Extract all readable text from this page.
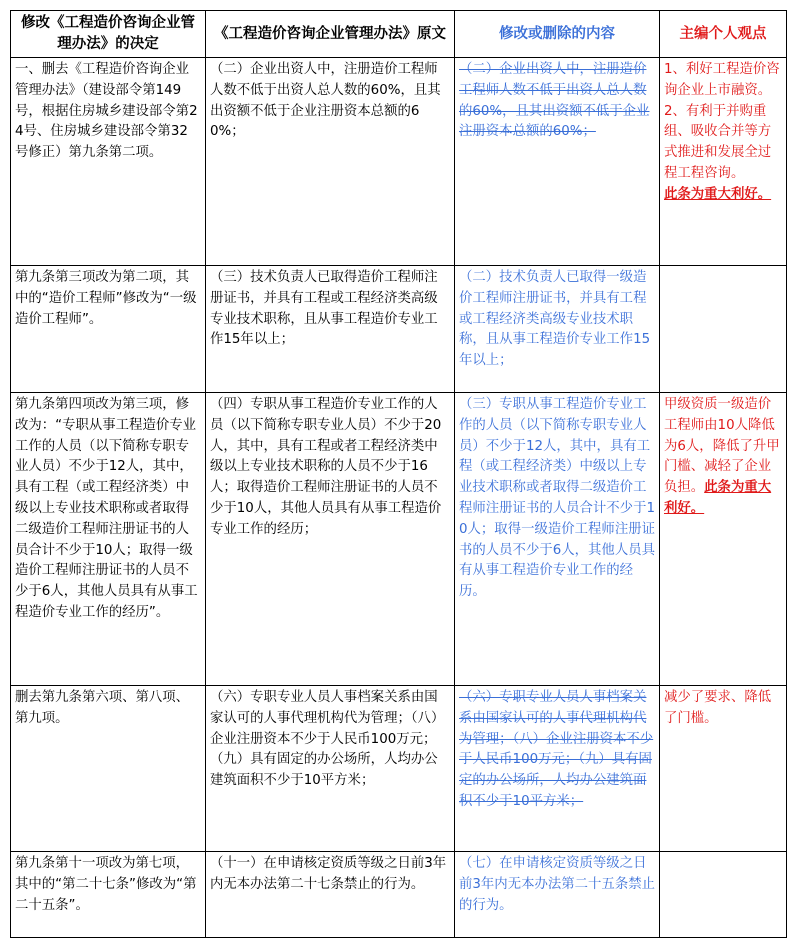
修改《工程造价咨询企业管理办法》的决定	《工程造价咨询企业管理办法》原文	修改或删除的内容	主编个人观点
一、删去《工程造价咨询企业管理办法》（建设部令第149号，根据住房城乡建设部令第24号、住房城乡建设部令第32号修正）第九条第二项。	（二）企业出资人中，注册造价工程师人数不低于出资人总人数的60%，且其出资额不低于企业注册资本总额的60%；	（二）企业出资人中，注册造价工程师人数不低于出资人总人数的60%，且其出资额不低于企业注册资本总额的60%；	1、利好工程造价咨询企业上市融资。2、有利于并购重组、吸收合并等方式推进和发展全过程工程咨询。
此条为重大利好。
第九条第三项改为第二项，其中的“造价工程师”修改为“一级造价工程师”。	（三）技术负责人已取得造价工程师注册证书，并具有工程或工程经济类高级专业技术职称，且从事工程造价专业工作15年以上；	（二）技术负责人已取得一级造价工程师注册证书，并具有工程或工程经济类高级专业技术职称，且从事工程造价专业工作15年以上；	
第九条第四项改为第三项，修改为：“专职从事工程造价专业工作的人员（以下简称专职专业人员）不少于12人，其中，具有工程（或工程经济类）中级以上专业技术职称或者取得二级造价工程师注册证书的人员合计不少于10人；取得一级造价工程师注册证书的人员不少于6人，其他人员具有从事工程造价专业工作的经历”。	（四）专职从事工程造价专业工作的人员（以下简称专职专业人员）不少于20人，其中，具有工程或者工程经济类中级以上专业技术职称的人员不少于16人；取得造价工程师注册证书的人员不少于10人，其他人员具有从事工程造价专业工作的经历；	（三）专职从事工程造价专业工作的人员（以下简称专职专业人员）不少于12人，其中，具有工程（或工程经济类）中级以上专业技术职称或者取得二级造价工程师注册证书的人员合计不少于10人；取得一级造价工程师注册证书的人员不少于6人，其他人员具有从事工程造价专业工作的经历。	甲级资质一级造价工程师由10人降低为6人，降低了升甲门槛、减轻了企业负担。此条为重大利好。
删去第九条第六项、第八项、第九项。	（六）专职专业人员人事档案关系由国家认可的人事代理机构代为管理；（八）企业注册资本不少于人民币100万元；（九）具有固定的办公场所，人均办公建筑面积不少于10平方米；	（六）专职专业人员人事档案关系由国家认可的人事代理机构代为管理；（八）企业注册资本不少于人民币100万元；（九）具有固定的办公场所，人均办公建筑面积不少于10平方米；	减少了要求、降低了门槛。
第九条第十一项改为第七项，其中的“第二十七条”修改为“第二十五条”。	（十一）在申请核定资质等级之日前3年内无本办法第二十七条禁止的行为。	（七）在申请核定资质等级之日前3年内无本办法第二十五条禁止的行为。	
